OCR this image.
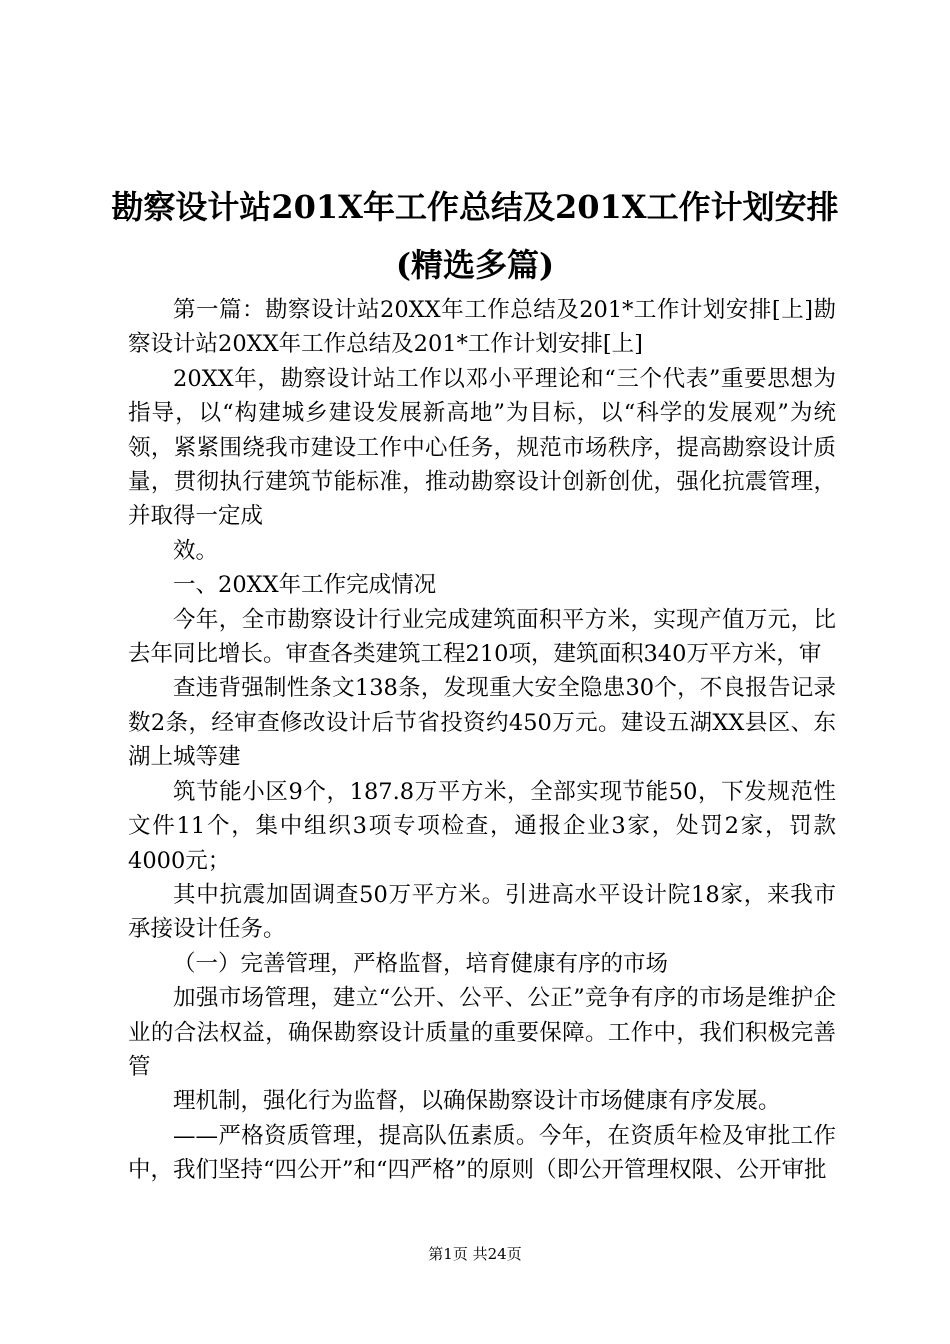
勘察设计站201X年工作总结及201X工作计划安排(精选多篇)

第一篇：勘察设计站20XX年工作总结及201*工作计划安排[上]勘察设计站20XX年工作总结及201*工作计划安排[上]

20XX年，勘察设计站工作以邓小平理论和“三个代表”重要思想为指导，以“构建城乡建设发展新高地”为目标，以“科学的发展观”为统领，紧紧围绕我市建设工作中心任务，规范市场秩序，提高勘察设计质量，贯彻执行建筑节能标准，推动勘察设计创新创优，强化抗震管理，并取得一定成

效。

一、20XX年工作完成情况

今年，全市勘察设计行业完成建筑面积平方米，实现产值万元，比去年同比增长。审查各类建筑工程210项，建筑面积340万平方米，审

查违背强制性条文138条，发现重大安全隐患30个，不良报告记录数2条，经审查修改设计后节省投资约450万元。建设五湖XX县区、东湖上城等建

筑节能小区9个，187.8万平方米，全部实现节能50，下发规范性文件11个，集中组织3项专项检查，通报企业3家，处罚2家，罚款4000元；

其中抗震加固调查50万平方米。引进高水平设计院18家，来我市承接设计任务。

（一）完善管理，严格监督，培育健康有序的市场

加强市场管理，建立“公开、公平、公正”竞争有序的市场是维护企业的合法权益，确保勘察设计质量的重要保障。工作中，我们积极完善管

理机制，强化行为监督，以确保勘察设计市场健康有序发展。

——严格资质管理，提高队伍素质。今年，在资质年检及审批工作中，我们坚持“四公开”和“四严格”的原则（即公开管理权限、公开审批

第1页 共24页
